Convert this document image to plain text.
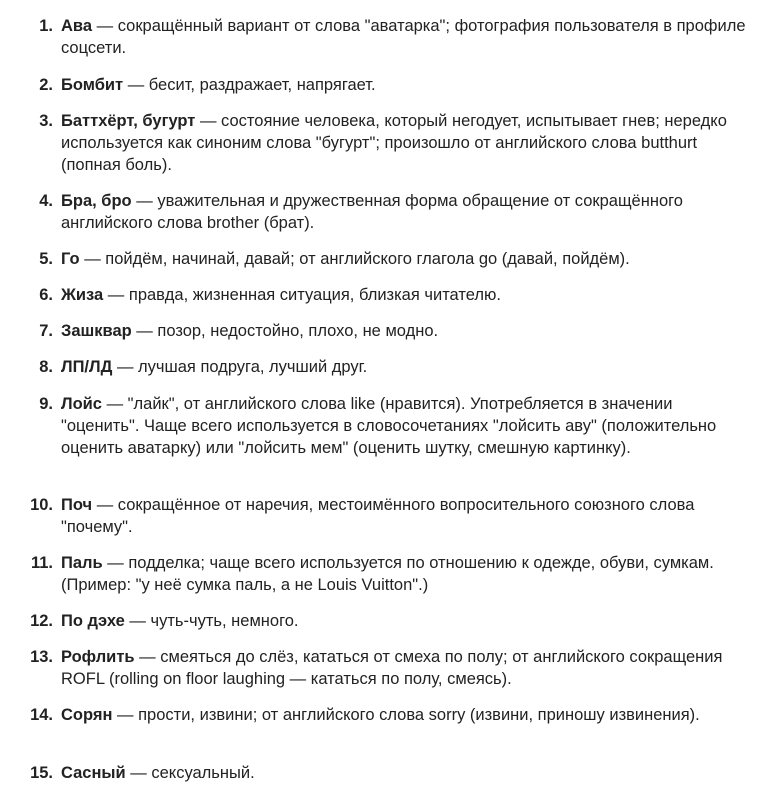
1. Ава — сокращённый вариант от слова "аватарка"; фотография пользователя в профиле соцсети.
2. Бомбит — бесит, раздражает, напрягает.
3. Баттхёрт, бугурт — состояние человека, который негодует, испытывает гнев; нередко используется как синоним слова "бугурт"; произошло от английского слова butthurt (попная боль).
4. Бра, бро — уважительная и дружественная форма обращение от сокращённого английского слова brother (брат).
5. Го — пойдём, начинай, давай; от английского глагола go (давай, пойдём).
6. Жиза — правда, жизненная ситуация, близкая читателю.
7. Зашквар — позор, недостойно, плохо, не модно.
8. ЛП/ЛД — лучшая подруга, лучший друг.
9. Лойс — "лайк", от английского слова like (нравится). Употребляется в значении "оценить". Чаще всего используется в словосочетаниях "лойсить аву" (положительно оценить аватарку) или "лойсить мем" (оценить шутку, смешную картинку).
10. Поч — сокращённое от наречия, местоимённого вопросительного союзного слова "почему".
11. Паль — подделка; чаще всего используется по отношению к одежде, обуви, сумкам. (Пример: "у неё сумка паль, а не Louis Vuitton".)
12. По дэхе — чуть-чуть, немного.
13. Рофлить — смеяться до слёз, кататься от смеха по полу; от английского сокращения ROFL (rolling on floor laughing — кататься по полу, смеясь).
14. Сорян — прости, извини; от английского слова sorry (извини, приношу извинения).
15. Сасный — сексуальный.
